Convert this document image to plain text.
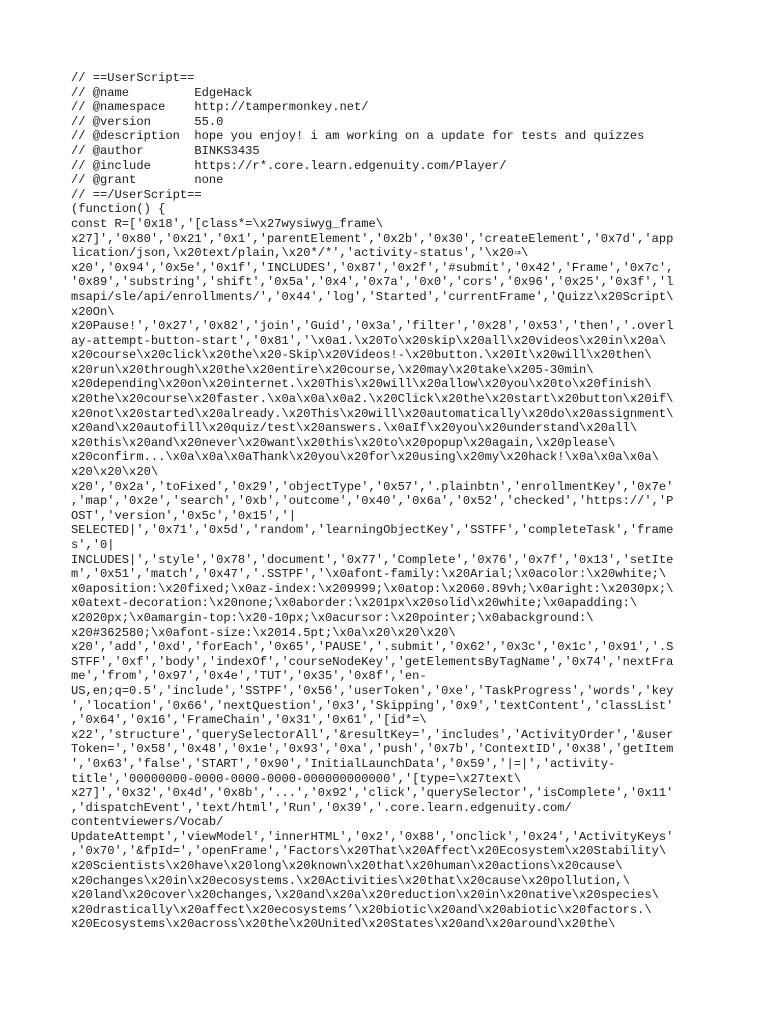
// ==UserScript==
// @name         EdgeHack
// @namespace    http://tampermonkey.net/
// @version      55.0
// @description  hope you enjoy! i am working on a update for tests and quizzes
// @author       BINKS3435
// @include      https://r*.core.learn.edgenuity.com/Player/
// @grant        none
// ==/UserScript==
(function() {
const R=['0x18','[class*=\x27wysiwyg_frame\
x27]','0x80','0x21','0x1','parentElement','0x2b','0x30','createElement','0x7d','app
lication/json,\x20text/plain,\x20*/*','activity-status','\x20⇒\
x20','0x94','0x5e','0x1f','INCLUDES','0x87','0x2f','#submit','0x42','Frame','0x7c',
'0x89','substring','shift','0x5a','0x4','0x7a','0x0','cors','0x96','0x25','0x3f','l
msapi/sle/api/enrollments/','0x44','log','Started','currentFrame','Quizz\x20Script\
x20On\
x20Pause!','0x27','0x82','join','Guid','0x3a','filter','0x28','0x53','then','.overl
ay-attempt-button-start','0x81','\x0a1.\x20To\x20skip\x20all\x20videos\x20in\x20a\
x20course\x20click\x20the\x20-Skip\x20Videos!-\x20button.\x20It\x20will\x20then\
x20run\x20through\x20the\x20entire\x20course,\x20may\x20take\x205-30min\
x20depending\x20on\x20internet.\x20This\x20will\x20allow\x20you\x20to\x20finish\
x20the\x20course\x20faster.\x0a\x0a\x0a2.\x20Click\x20the\x20start\x20button\x20if\
x20not\x20started\x20already.\x20This\x20will\x20automatically\x20do\x20assignment\
x20and\x20autofill\x20quiz/test\x20answers.\x0aIf\x20you\x20understand\x20all\
x20this\x20and\x20never\x20want\x20this\x20to\x20popup\x20again,\x20please\
x20confirm...\x0a\x0a\x0aThank\x20you\x20for\x20using\x20my\x20hack!\x0a\x0a\x0a\
x20\x20\x20\
x20','0x2a','toFixed','0x29','objectType','0x57','.plainbtn','enrollmentKey','0x7e'
,'map','0x2e','search','0xb','outcome','0x40','0x6a','0x52','checked','https://','P
OST','version','0x5c','0x15','|
SELECTED|','0x71','0x5d','random','learningObjectKey','SSTFF','completeTask','frame
s','0|
INCLUDES|','style','0x78','document','0x77','Complete','0x76','0x7f','0x13','setIte
m','0x51','match','0x47','.SSTPF','\x0afont-family:\x20Arial;\x0acolor:\x20white;\
x0aposition:\x20fixed;\x0az-index:\x209999;\x0atop:\x2060.89vh;\x0aright:\x2030px;\
x0atext-decoration:\x20none;\x0aborder:\x201px\x20solid\x20white;\x0apadding:\
x2020px;\x0amargin-top:\x20-10px;\x0acursor:\x20pointer;\x0abackground:\
x20#362580;\x0afont-size:\x2014.5pt;\x0a\x20\x20\x20\
x20','add','0xd','forEach','0x65','PAUSE','.submit','0x62','0x3c','0x1c','0x91','.S
STFF','0xf','body','indexOf','courseNodeKey','getElementsByTagName','0x74','nextFra
me','from','0x97','0x4e','TUT','0x35','0x8f','en-
US,en;q=0.5','include','SSTPF','0x56','userToken','0xe','TaskProgress','words','key
','location','0x66','nextQuestion','0x3','Skipping','0x9','textContent','classList'
,'0x64','0x16','FrameChain','0x31','0x61','[id*=\
x22','structure','querySelectorAll','&resultKey=','includes','ActivityOrder','&user
Token=','0x58','0x48','0x1e','0x93','0xa','push','0x7b','ContextID','0x38','getItem
','0x63','false','START','0x90','InitialLaunchData','0x59','|=|','activity-
title','00000000-0000-0000-0000-000000000000','[type=\x27text\
x27]','0x32','0x4d','0x8b','...','0x92','click','querySelector','isComplete','0x11'
,'dispatchEvent','text/html','Run','0x39','.core.learn.edgenuity.com/
contentviewers/Vocab/
UpdateAttempt','viewModel','innerHTML','0x2','0x88','onclick','0x24','ActivityKeys'
,'0x70','&fpId=','openFrame','Factors\x20That\x20Affect\x20Ecosystem\x20Stability\
x20Scientists\x20have\x20long\x20known\x20that\x20human\x20actions\x20cause\
x20changes\x20in\x20ecosystems.\x20Activities\x20that\x20cause\x20pollution,\
x20land\x20cover\x20changes,\x20and\x20a\x20reduction\x20in\x20native\x20species\
x20drastically\x20affect\x20ecosystems’\x20biotic\x20and\x20abiotic\x20factors.\
x20Ecosystems\x20across\x20the\x20United\x20States\x20and\x20around\x20the\
